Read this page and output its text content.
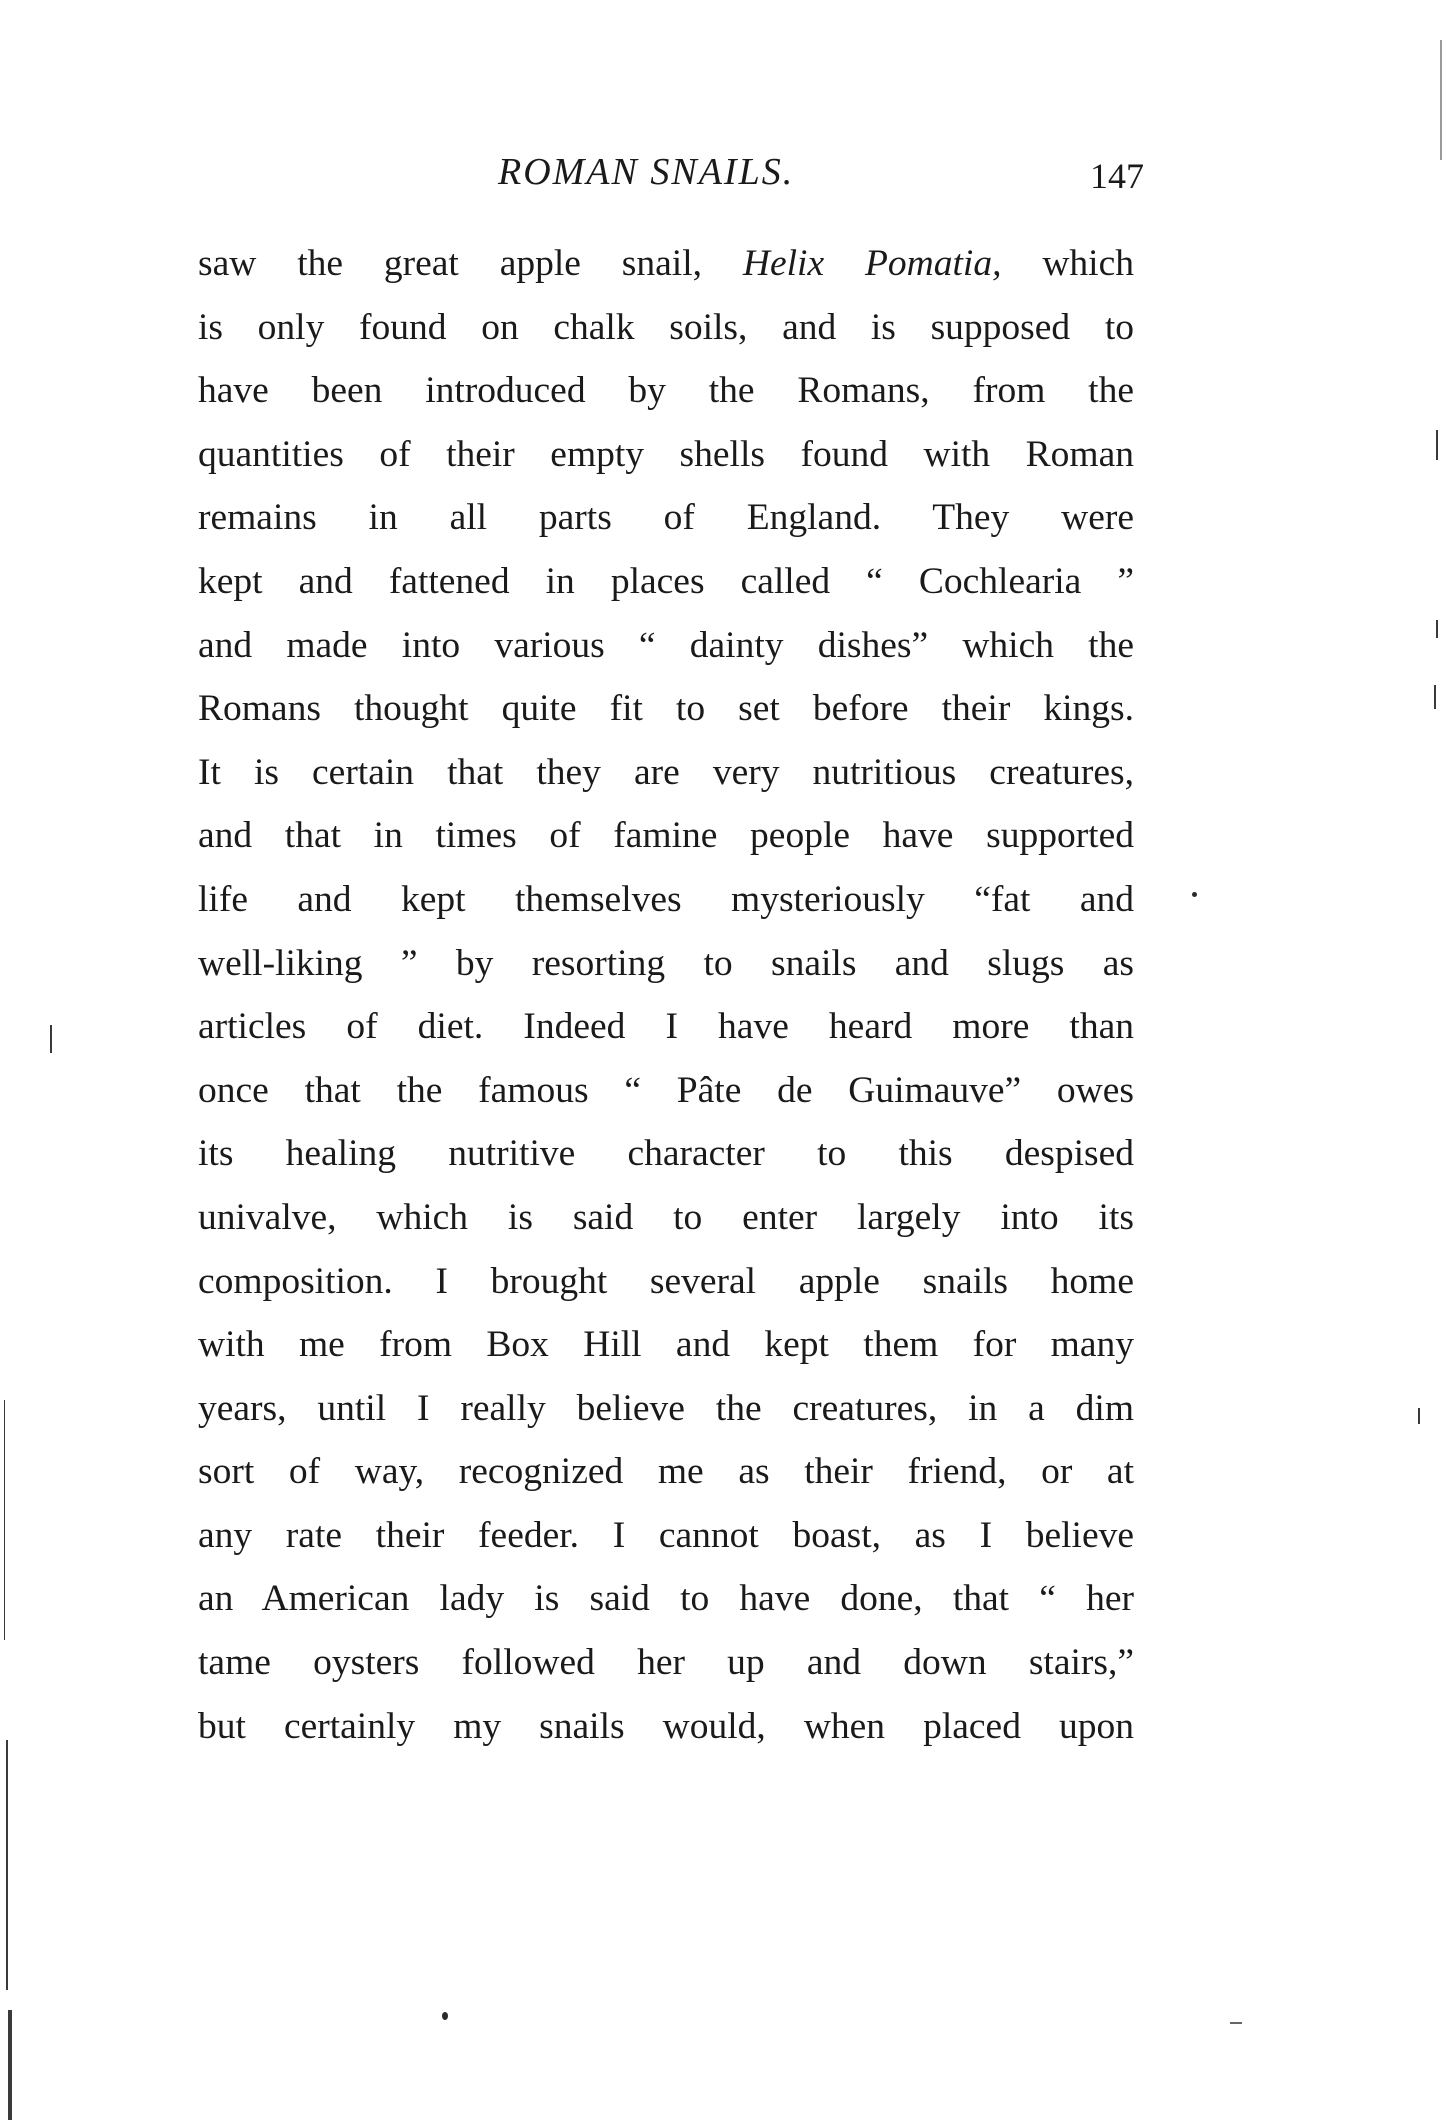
ROMAN SNAILS.	147
saw the great apple snail, Helix Pomatia, which
is only found on chalk soils, and is supposed to
have been introduced by the Romans, from the
quantities of their empty shells found with Roman
remains in all parts of England. They were
kept and fattened in places called “ Cochlearia ”
and made into various “ dainty dishes” which the
Romans thought quite fit to set before their kings.
It is certain that they are very nutritious creatures,
and that in times of famine people have supported
life and kept themselves mysteriously “fat and
well-liking ” by resorting to snails and slugs as
articles of diet. Indeed I have heard more than
once that the famous “ Pâte de Guimauve” owes
its healing nutritive character to this despised
univalve, which is said to enter largely into its
composition. I brought several apple snails home
with me from Box Hill and kept them for many
years, until I really believe the creatures, in a dim
sort of way, recognized me as their friend, or at
any rate their feeder. I cannot boast, as I believe
an American lady is said to have done, that “ her
tame oysters followed her up and down stairs,”
but certainly my snails would, when placed upon
